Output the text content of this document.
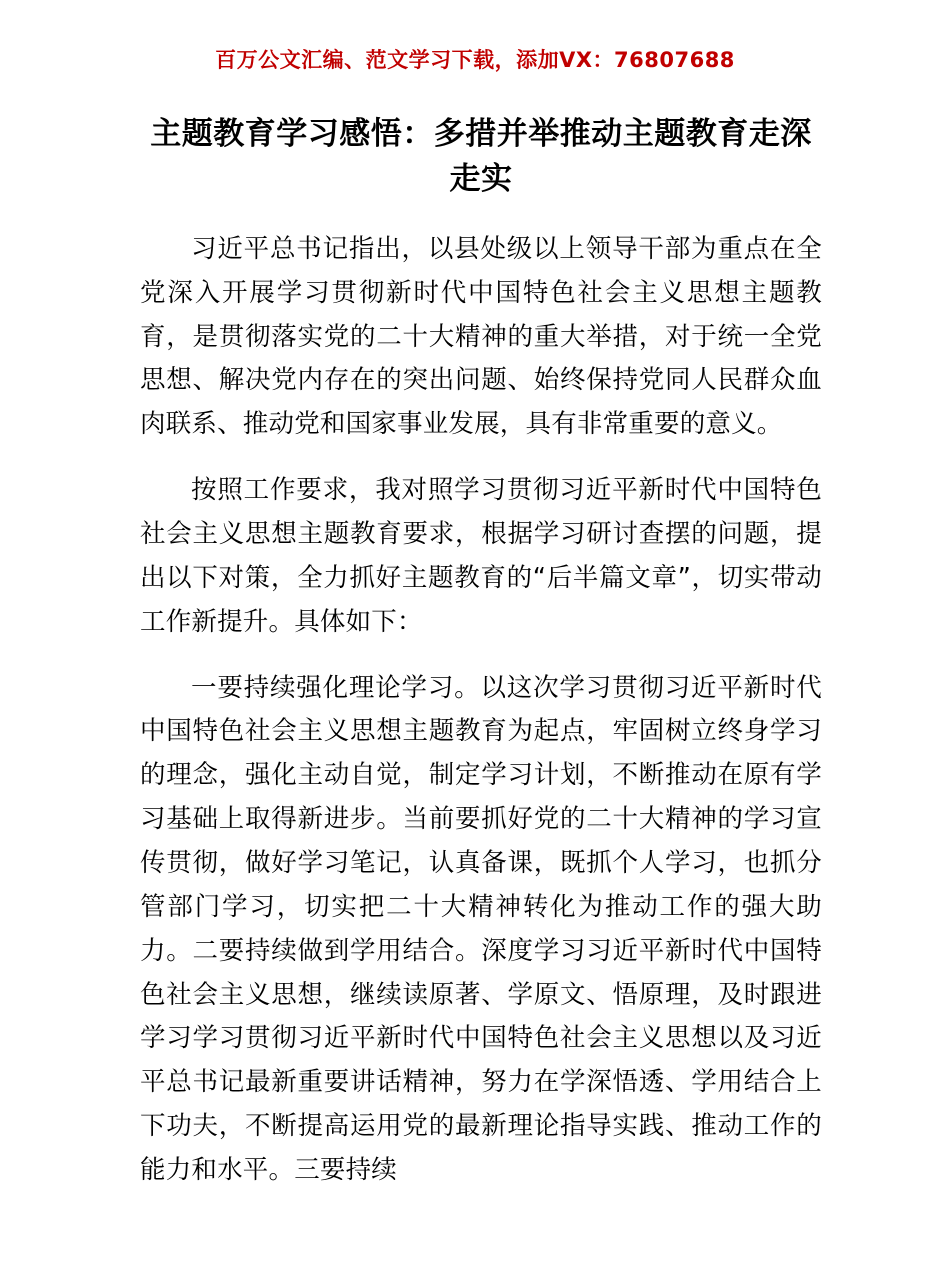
百万公文汇编、范文学习下载，添加VX：76807688
主题教育学习感悟：多措并举推动主题教育走深走实

习近平总书记指出，以县处级以上领导干部为重点在全党深入开展学习贯彻新时代中国特色社会主义思想主题教育，是贯彻落实党的二十大精神的重大举措，对于统一全党思想、解决党内存在的突出问题、始终保持党同人民群众血肉联系、推动党和国家事业发展，具有非常重要的意义。

按照工作要求，我对照学习贯彻习近平新时代中国特色社会主义思想主题教育要求，根据学习研讨查摆的问题，提出以下对策，全力抓好主题教育的“后半篇文章”，切实带动工作新提升。具体如下：

一要持续强化理论学习。以这次学习贯彻习近平新时代中国特色社会主义思想主题教育为起点，牢固树立终身学习的理念，强化主动自觉，制定学习计划，不断推动在原有学习基础上取得新进步。当前要抓好党的二十大精神的学习宣传贯彻，做好学习笔记，认真备课，既抓个人学习，也抓分管部门学习，切实把二十大精神转化为推动工作的强大助力。二要持续做到学用结合。深度学习习近平新时代中国特色社会主义思想，继续读原著、学原文、悟原理，及时跟进学习学习贯彻习近平新时代中国特色社会主义思想以及习近平总书记最新重要讲话精神，努力在学深悟透、学用结合上下功夫，不断提高运用党的最新理论指导实践、推动工作的能力和水平。三要持续
